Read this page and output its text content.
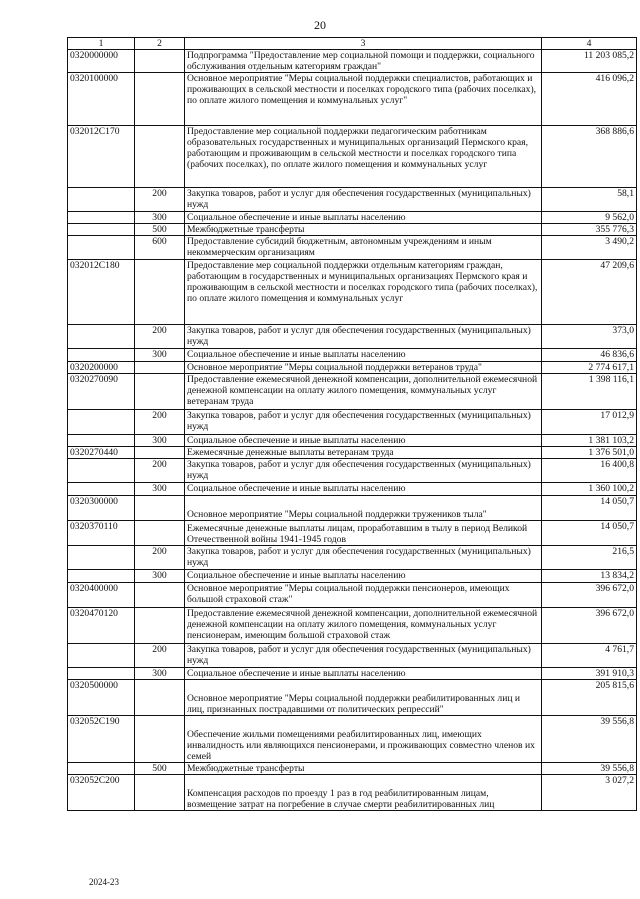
20
1	2	3	4
0320000000		Подпрограмма "Предоставление мер социальной помощи и поддержки, социального обслуживания отдельным категориям граждан"	11 203 085,2
0320100000		Основное мероприятие "Меры социальной поддержки специалистов, работающих и проживающих в сельской местности и поселках городского типа (рабочих поселках), по оплате жилого помещения и коммунальных услуг"	416 096,2
032012С170		Предоставление мер социальной поддержки педагогическим работникам образовательных государственных и муниципальных организаций Пермского края, работающим и проживающим в сельской местности и поселках городского типа (рабочих поселках), по оплате жилого помещения и коммунальных услуг	368 886,6
	200	Закупка товаров, работ и услуг для обеспечения государственных (муниципальных) нужд	58,1
	300	Социальное обеспечение и иные выплаты населению	9 562,0
	500	Межбюджетные трансферты	355 776,3
	600	Предоставление субсидий бюджетным, автономным учреждениям и иным некоммерческим организациям	3 490,2
032012С180		Предоставление мер социальной поддержки отдельным категориям граждан, работающим в государственных и муниципальных организациях Пермского края и проживающим в сельской местности и поселках городского типа (рабочих поселках), по оплате жилого помещения и коммунальных услуг	47 209,6
	200	Закупка товаров, работ и услуг для обеспечения государственных (муниципальных) нужд	373,0
	300	Социальное обеспечение и иные выплаты населению	46 836,6
0320200000		Основное мероприятие "Меры социальной поддержки ветеранов труда"	2 774 617,1
0320270090		Предоставление ежемесячной денежной компенсации, дополнительной ежемесячной денежной компенсации на оплату жилого помещения, коммунальных услуг ветеранам труда	1 398 116,1
	200	Закупка товаров, работ и услуг для обеспечения государственных (муниципальных) нужд	17 012,9
	300	Социальное обеспечение и иные выплаты населению	1 381 103,2
0320270440		Ежемесячные денежные выплаты ветеранам труда	1 376 501,0
	200	Закупка товаров, работ и услуг для обеспечения государственных (муниципальных) нужд	16 400,8
	300	Социальное обеспечение и иные выплаты населению	1 360 100,2
0320300000		Основное мероприятие "Меры социальной поддержки тружеников тыла"	14 050,7
0320370110		Ежемесячные денежные выплаты лицам, проработавшим в тылу в период Великой Отечественной войны 1941-1945 годов	14 050,7
	200	Закупка товаров, работ и услуг для обеспечения государственных (муниципальных) нужд	216,5
	300	Социальное обеспечение и иные выплаты населению	13 834,2
0320400000		Основное мероприятие "Меры социальной поддержки пенсионеров, имеющих большой страховой стаж"	396 672,0
0320470120		Предоставление ежемесячной денежной компенсации, дополнительной ежемесячной денежной компенсации на оплату жилого помещения, коммунальных услуг пенсионерам, имеющим большой страховой стаж	396 672,0
	200	Закупка товаров, работ и услуг для обеспечения государственных (муниципальных) нужд	4 761,7
	300	Социальное обеспечение и иные выплаты населению	391 910,3
0320500000		Основное мероприятие "Меры социальной поддержки реабилитированных лиц и лиц, признанных пострадавшими от политических репрессий"	205 815,6
032052С190		Обеспечение жильми помещениями реабилитированных лиц, имеющих инвалидность или являющихся пенсионерами, и проживающих совместно членов их семей	39 556,8
	500	Межбюджетные трансферты	39 556,8
032052С200		Компенсация расходов по проезду 1 раз в год реабилитированным лицам, возмещение затрат на погребение в случае смерти реабилитированных лиц	3 027,2
2024-23
